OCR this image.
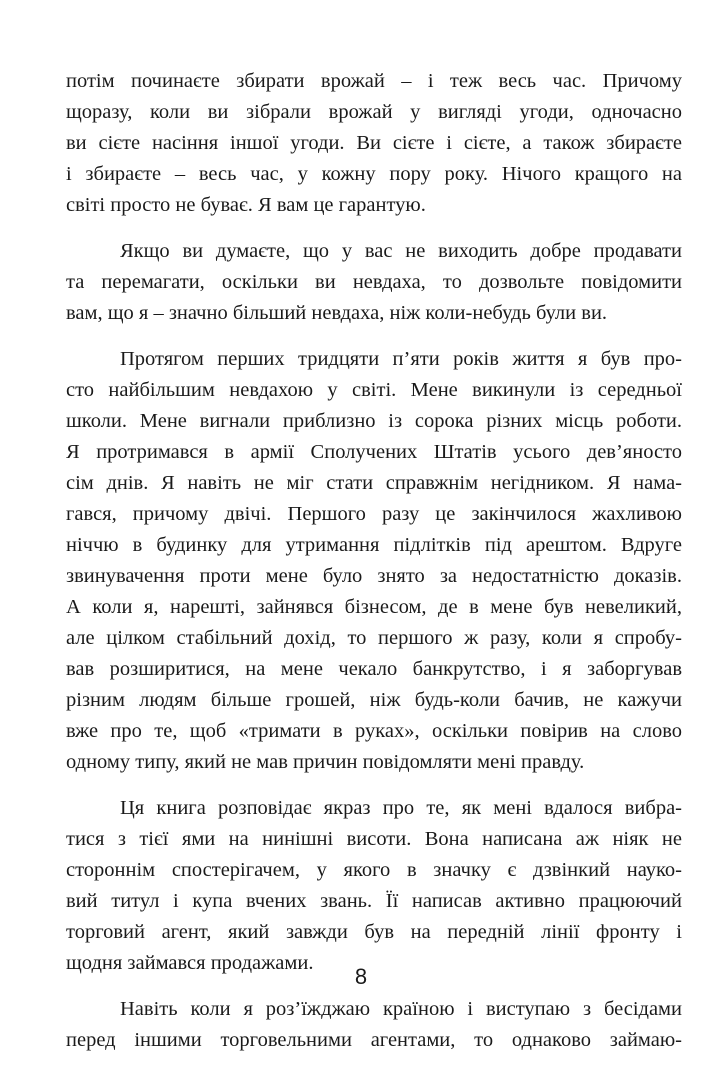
потім починаєте збирати врожай – і теж весь час. Причому
щоразу, коли ви зібрали врожай у вигляді угоди, одночасно
ви сієте насіння іншої угоди. Ви сієте і сієте, а також збираєте
і збираєте – весь час, у кожну пору року. Нічого кращого на
світі просто не буває. Я вам це гарантую.
Якщо ви думаєте, що у вас не виходить добре продавати
та перемагати, оскільки ви невдаха, то дозвольте повідомити
вам, що я – значно більший невдаха, ніж коли-небудь були ви.
Протягом перших тридцяти п’яти років життя я був про-
сто найбільшим невдахою у світі. Мене викинули із середньої
школи. Мене вигнали приблизно із сорока різних місць роботи.
Я протримався в армії Сполучених Штатів усього дев’яносто
сім днів. Я навіть не міг стати справжнім негідником. Я нама-
гався, причому двічі. Першого разу це закінчилося жахливою
ніччю в будинку для утримання підлітків під арештом. Вдруге
звинувачення проти мене було знято за недостатністю доказів.
А коли я, нарешті, зайнявся бізнесом, де в мене був невеликий,
але цілком стабільний дохід, то першого ж разу, коли я спробу-
вав розширитися, на мене чекало банкрутство, і я заборгував
різним людям більше грошей, ніж будь-коли бачив, не кажучи
вже про те, щоб «тримати в руках», оскільки повірив на слово
одному типу, який не мав причин повідомляти мені правду.
Ця книга розповідає якраз про те, як мені вдалося вибра-
тися з тієї ями на нинішні висоти. Вона написана аж ніяк не
стороннім спостерігачем, у якого в значку є дзвінкий науко-
вий титул і купа вчених звань. Її написав активно працюючий
торговий агент, який завжди був на передній лінії фронту і
щодня займався продажами.
Навіть коли я роз’їжджаю країною і виступаю з бесідами
перед іншими торговельними агентами, то однаково займаю-
8
